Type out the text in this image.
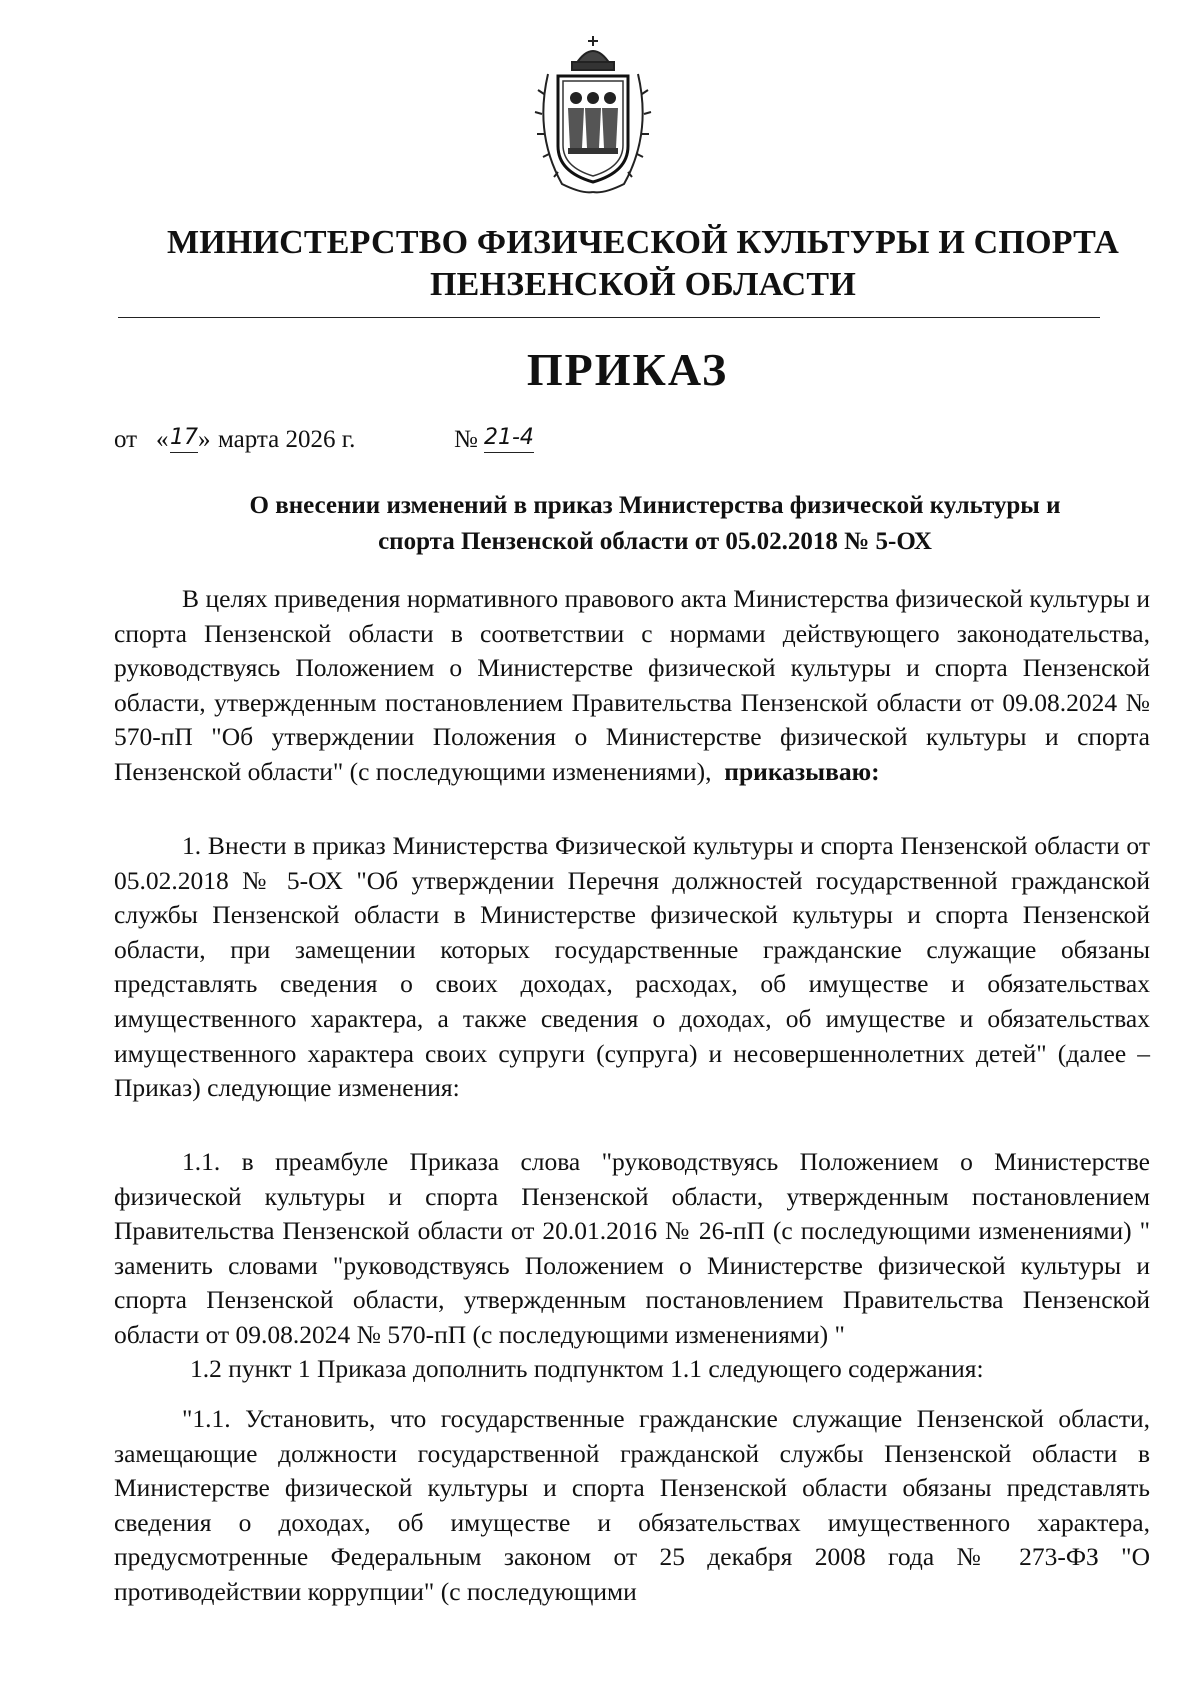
МИНИСТЕРСТВО ФИЗИЧЕСКОЙ КУЛЬТУРЫ И СПОРТА
ПЕНЗЕНСКОЙ ОБЛАСТИ
ПРИКАЗ
от « 17 » марта 2026 г.	№ 21-4
О внесении изменений в приказ Министерства физической культуры и
спорта Пензенской области от 05.02.2018 № 5-ОХ
В целях приведения нормативного правового акта Министерства физической культуры и спорта Пензенской области в соответствии с нормами действующего законодательства, руководствуясь Положением о Министерстве физической культуры и спорта Пензенской области, утвержденным постановлением Правительства Пензенской области от 09.08.2024 № 570-пП "Об утверждении Положения о Министерстве физической культуры и спорта Пензенской области" (с последующими изменениями), приказываю:
1. Внести в приказ Министерства Физической культуры и спорта Пензенской области от 05.02.2018 № 5-ОХ "Об утверждении Перечня должностей государственной гражданской службы Пензенской области в Министерстве физической культуры и спорта Пензенской области, при замещении которых государственные гражданские служащие обязаны представлять сведения о своих доходах, расходах, об имуществе и обязательствах имущественного характера, а также сведения о доходах, об имуществе и обязательствах имущественного характера своих супруги (супруга) и несовершеннолетних детей" (далее – Приказ) следующие изменения:
1.1. в преамбуле Приказа слова "руководствуясь Положением о Министерстве физической культуры и спорта Пензенской области, утвержденным постановлением Правительства Пензенской области от 20.01.2016 № 26-пП (с последующими изменениями) " заменить словами "руководствуясь Положением о Министерстве физической культуры и спорта Пензенской области, утвержденным постановлением Правительства Пензенской области от 09.08.2024 № 570-пП (с последующими изменениями) "
1.2 пункт 1 Приказа дополнить подпунктом 1.1 следующего содержания:
"1.1. Установить, что государственные гражданские служащие Пензенской области, замещающие должности государственной гражданской службы Пензенской области в Министерстве физической культуры и спорта Пензенской области обязаны представлять сведения о доходах, об имуществе и обязательствах имущественного характера, предусмотренные Федеральным законом от 25 декабря 2008 года № 273-ФЗ "О противодействии коррупции" (с последующими
